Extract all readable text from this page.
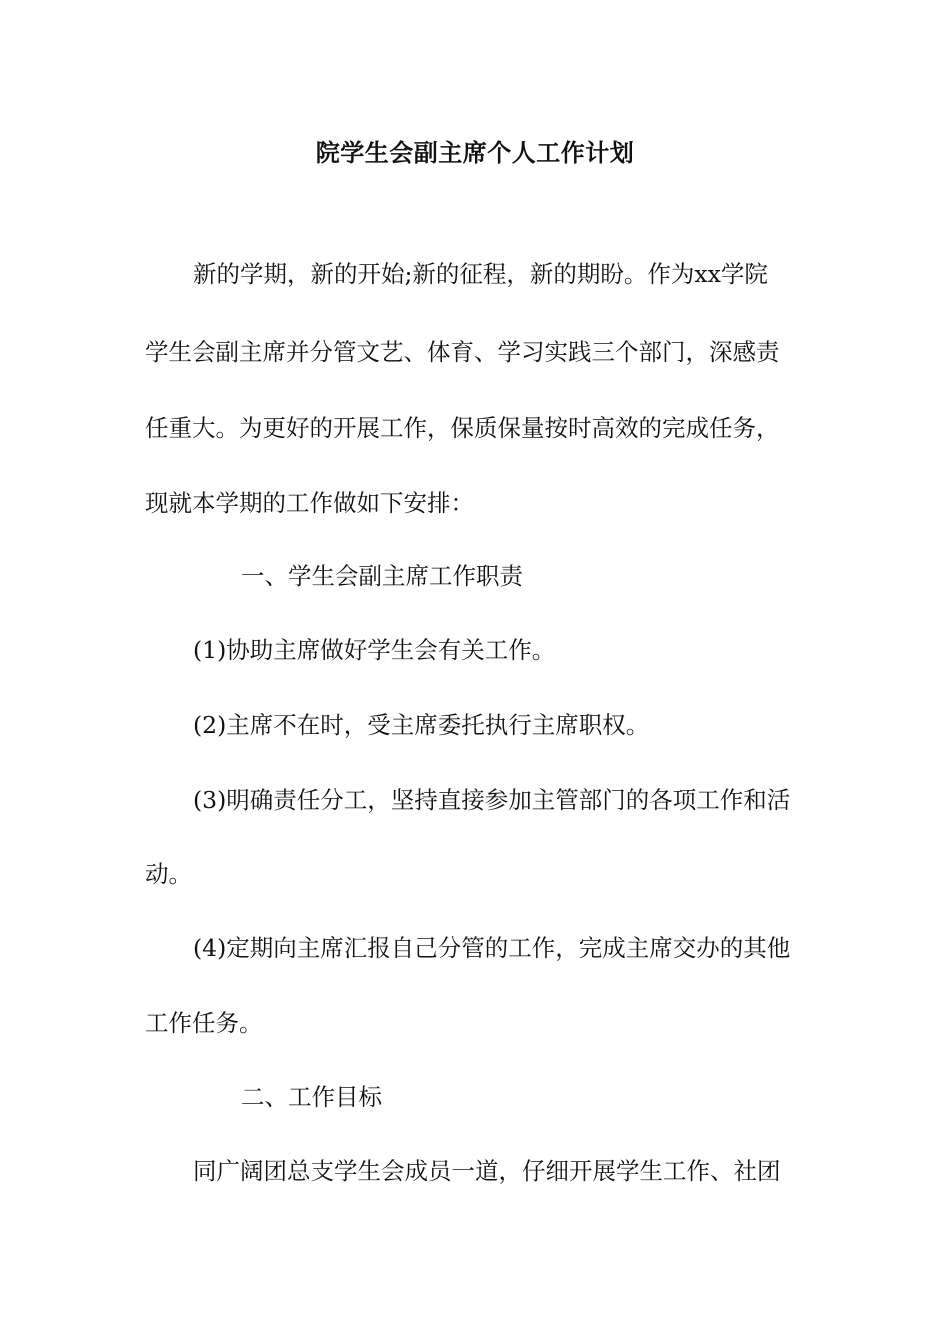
院学生会副主席个人工作计划
新的学期，新的开始;新的征程，新的期盼。作为xx学院
学生会副主席并分管文艺、体育、学习实践三个部门，深感责
任重大。为更好的开展工作，保质保量按时高效的完成任务，
现就本学期的工作做如下安排：
一、学生会副主席工作职责
(1)协助主席做好学生会有关工作。
(2)主席不在时，受主席委托执行主席职权。
(3)明确责任分工，坚持直接参加主管部门的各项工作和活
动。
(4)定期向主席汇报自己分管的工作，完成主席交办的其他
工作任务。
二、工作目标
同广阔团总支学生会成员一道，仔细开展学生工作、社团
